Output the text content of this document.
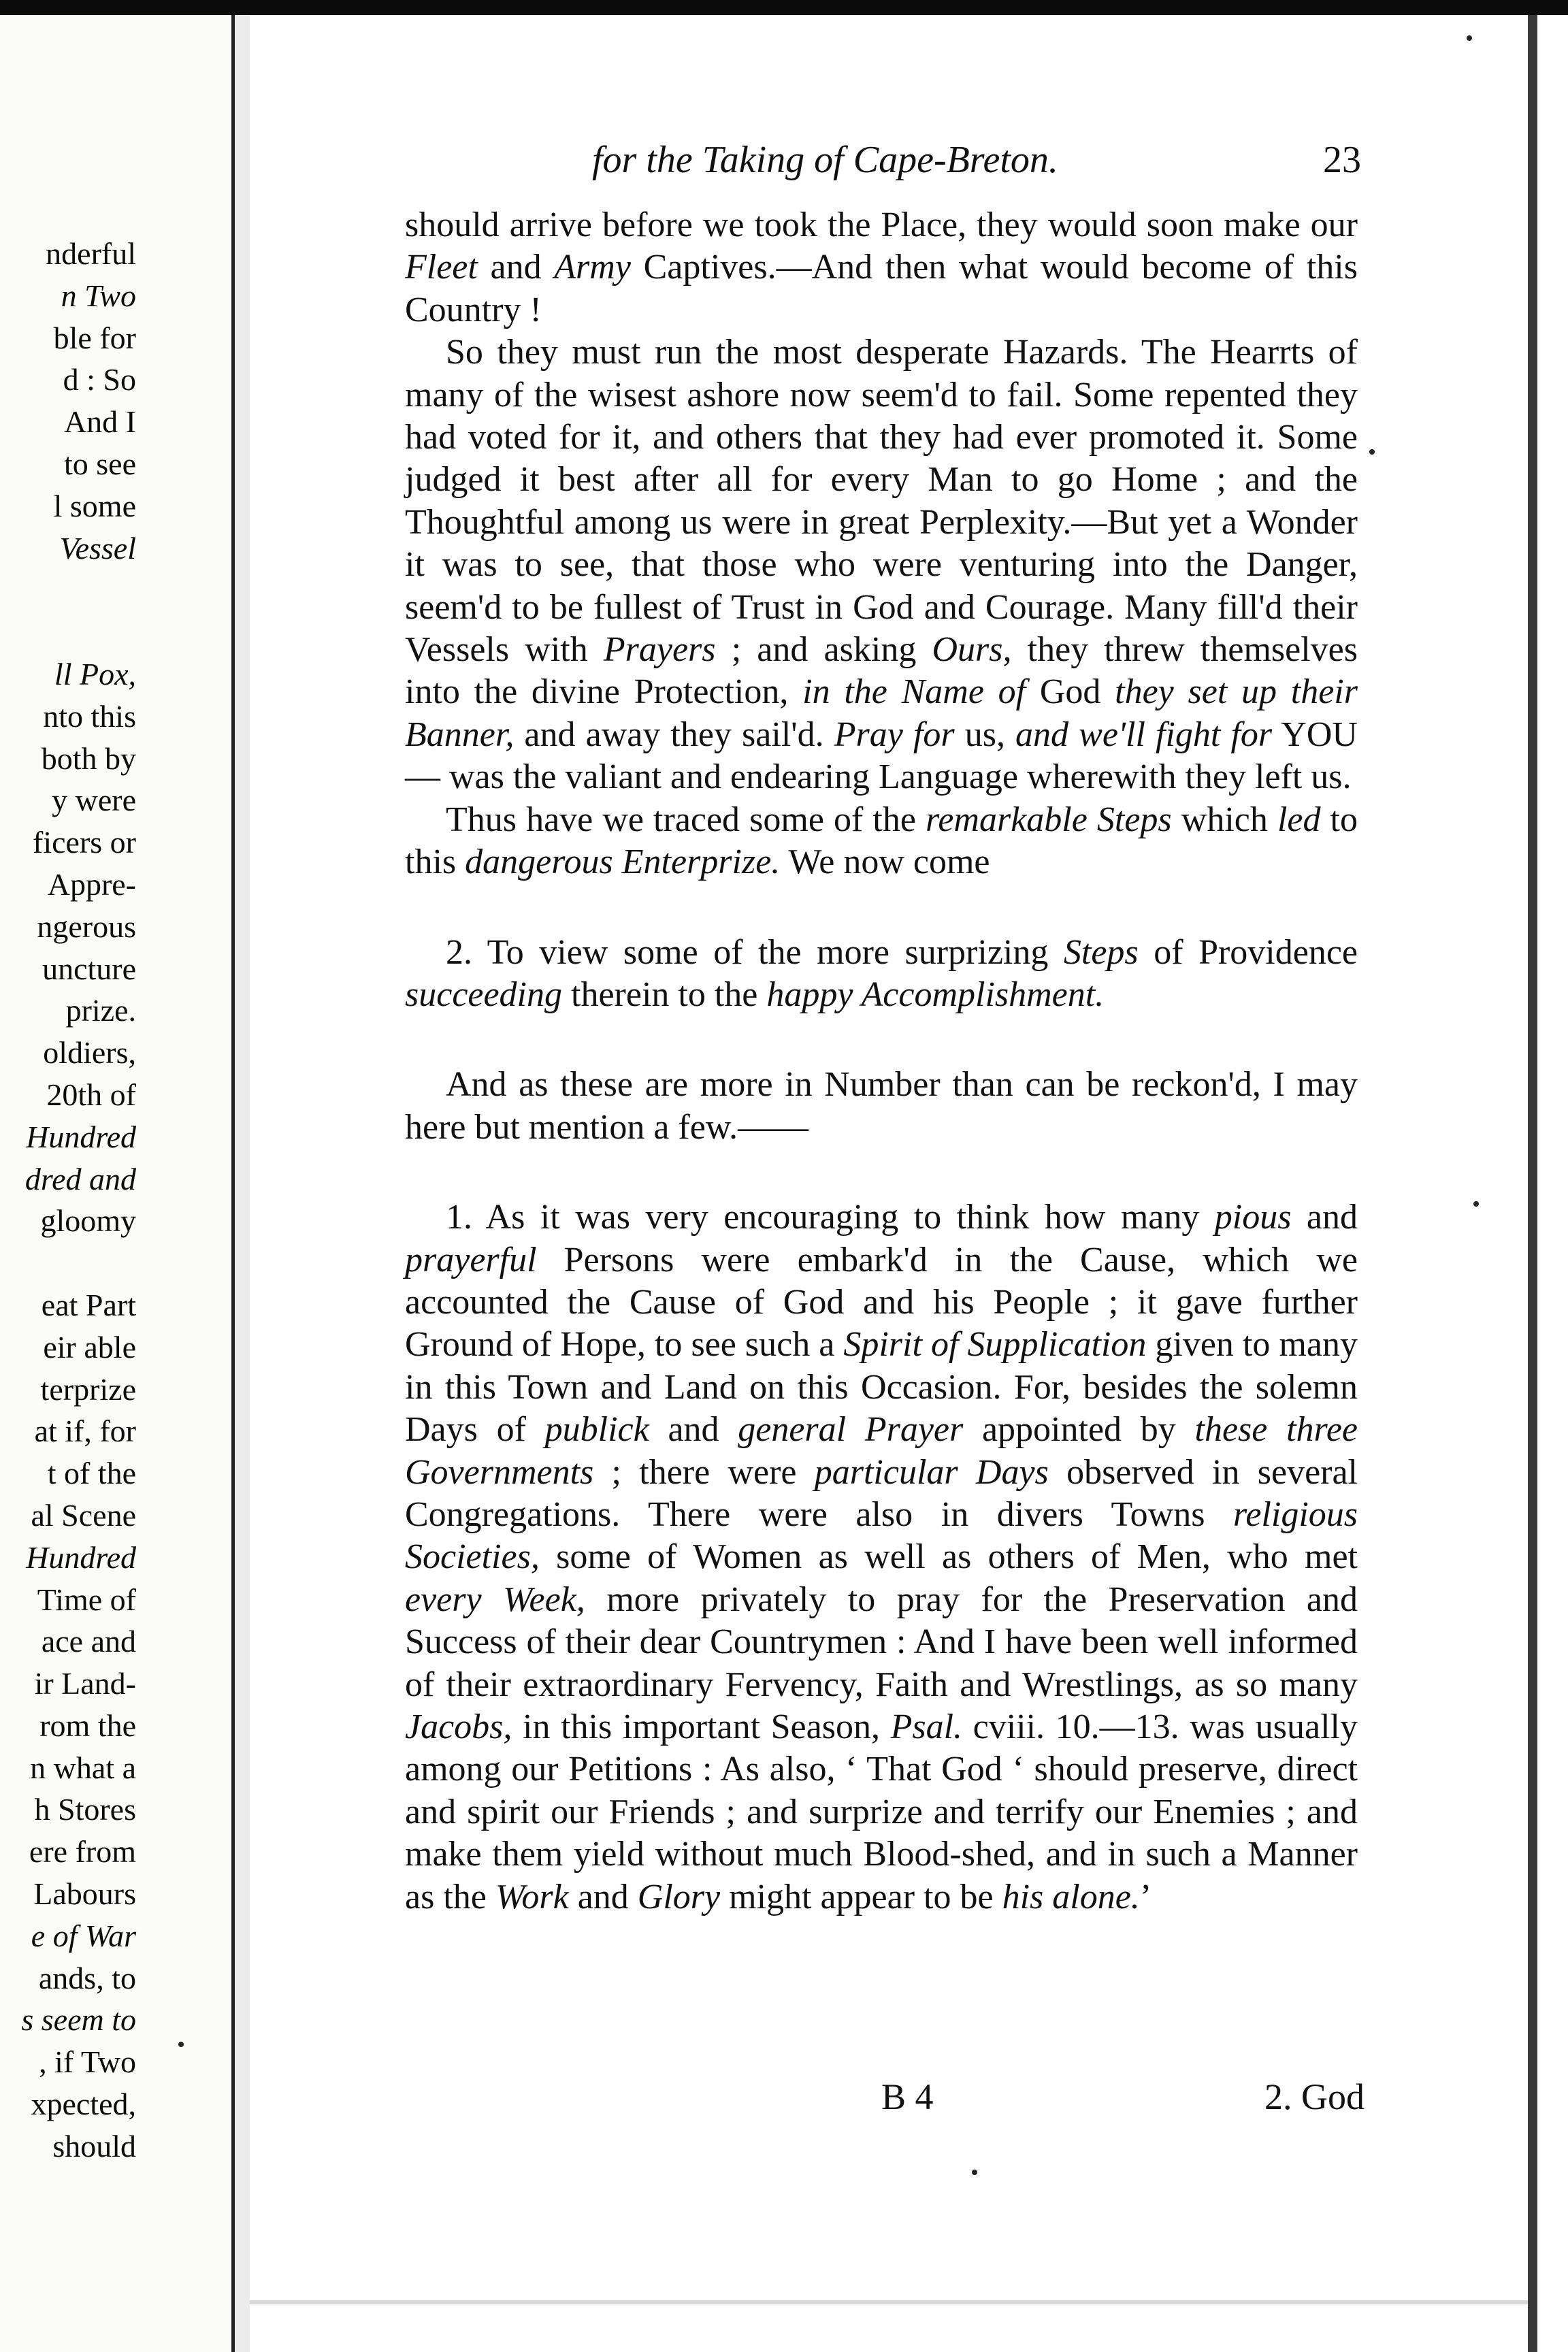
nderful
n Two
ble for
d : So
And I
to see
l some
Vessel
ll Pox,
nto this
both by
y were
ficers or
Appre-
ngerous
uncture
prize.
oldiers,
20th of
Hundred
dred and
gloomy
eat Part
eir able
terprize
at if, for
t of the
al Scene
Hundred
Time of
ace and
ir Land-
rom the
n what a
h Stores
ere from
Labours
e of War
ands, to
s seem to
, if Two
xpected,
should
for the Taking of Cape-Breton.	23

should arrive before we took the Place, they would soon make our Fleet and Army Captives.—And then what would become of this Country !

So they must run the most desperate Hazards. The Hearrts of many of the wisest ashore now seem'd to fail. Some repented they had voted for it, and others that they had ever promoted it. Some judged it best after all for every Man to go Home ; and the Thoughtful among us were in great Perplexity.—But yet a Wonder it was to see, that those who were venturing into the Danger, seem'd to be fullest of Trust in God and Courage. Many fill'd their Vessels with Prayers ; and asking Ours, they threw themselves into the divine Protection, in the Name of God they set up their Banner, and away they sail'd. Pray for us, and we'll fight for YOU — was the valiant and endearing Language wherewith they left us.

Thus have we traced some of the remarkable Steps which led to this dangerous Enterprize. We now come

2. To view some of the more surprizing Steps of Providence succeeding therein to the happy Accomplishment.

And as these are more in Number than can be reckon'd, I may here but mention a few.——

1. As it was very encouraging to think how many pious and prayerful Persons were embark'd in the Cause, which we accounted the Cause of God and his People ; it gave further Ground of Hope, to see such a Spirit of Supplication given to many in this Town and Land on this Occasion. For, besides the solemn Days of publick and general Prayer appointed by these three Governments ; there were particular Days observed in several Congregations. There were also in divers Towns religious Societies, some of Women as well as others of Men, who met every Week, more privately to pray for the Preservation and Success of their dear Countrymen : And I have been well informed of their extraordinary Fervency, Faith and Wrestlings, as so many Jacobs, in this important Season, Psal. cviii. 10.—13. was usually among our Petitions : As also, ‘ That God ‘ should preserve, direct and spirit our Friends ; and surprize and terrify our Enemies ; and make them yield without much Blood-shed, and in such a Manner as the Work and Glory might appear to be his alone.’

B 4	2. God
